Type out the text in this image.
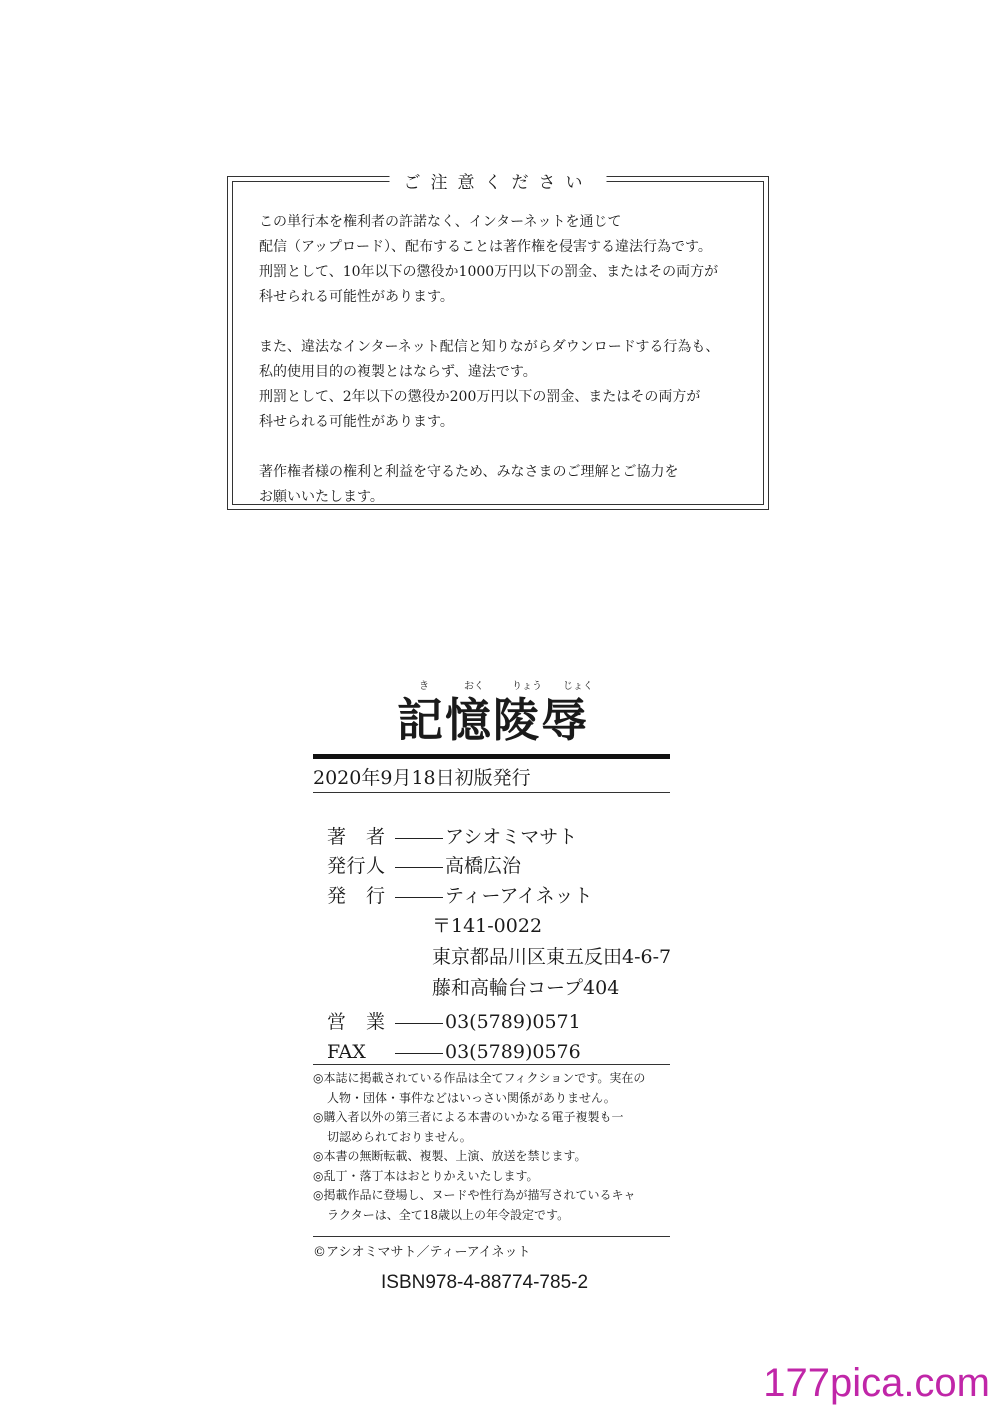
ご注意ください
この単行本を権利者の許諾なく、インターネットを通じて
配信（アップロード）、配布することは著作権を侵害する違法行為です。
刑罰として、10年以下の懲役か1000万円以下の罰金、またはその両方が
科せられる可能性があります。
また、違法なインターネット配信と知りながらダウンロードする行為も、
私的使用目的の複製とはならず、違法です。
刑罰として、2年以下の懲役か200万円以下の罰金、またはその両方が
科せられる可能性があります。
著作権者様の権利と利益を守るため、みなさまのご理解とご協力を
お願いいたします。
き	おく	りょう じょく
記憶陵辱
2020年9月18日初版発行
著者	アシオミマサト
発行人	高橋広治
発行	ティーアイネット
〒141-0022
東京都品川区東五反田4-6-7
藤和高輪台コープ404
営業	03(5789)0571
FAX	03(5789)0576
◎本誌に掲載されている作品は全てフィクションです。実在の
人物・団体・事件などはいっさい関係がありません。
◎購入者以外の第三者による本書のいかなる電子複製も一
切認められておりません。
◎本書の無断転載、複製、上演、放送を禁じます。
◎乱丁・落丁本はおとりかえいたします。
◎掲載作品に登場し、ヌードや性行為が描写されているキャ
ラクターは、全て18歳以上の年令設定です。
©アシオミマサト／ティーアイネット
ISBN978-4-88774-785-2
177pica.com
